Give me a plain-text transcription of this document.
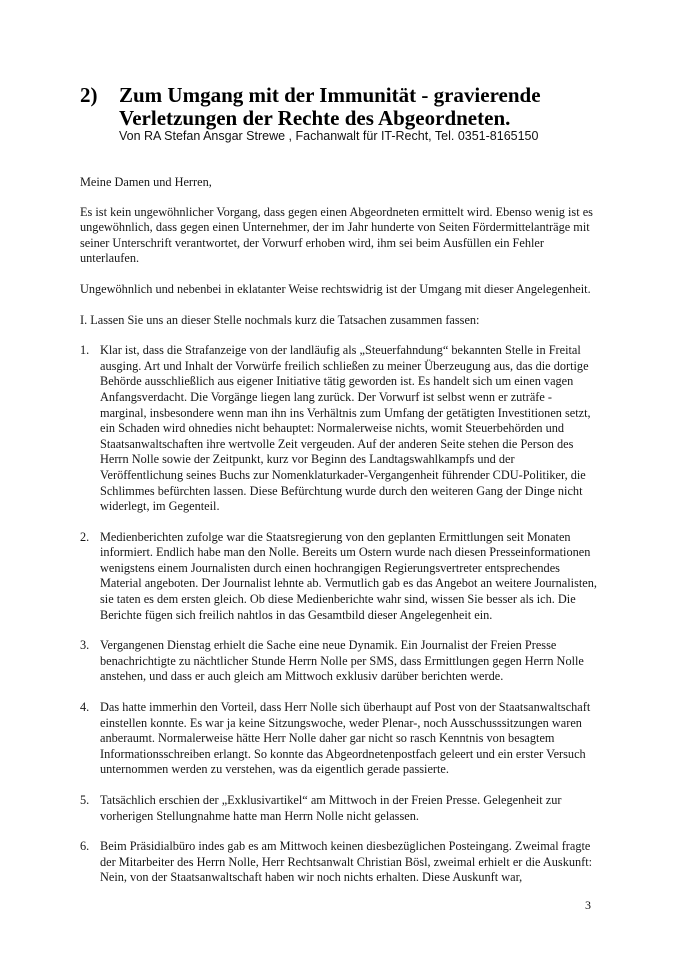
2) Zum Umgang mit der Immunität - gravierende Verletzungen der Rechte des Abgeordneten.
Von RA Stefan Ansgar Strewe , Fachanwalt für IT-Recht, Tel. 0351-8165150

Meine Damen und Herren,

Es ist kein ungewöhnlicher Vorgang, dass gegen einen Abgeordneten ermittelt wird. Ebenso wenig ist es ungewöhnlich, dass gegen einen Unternehmer, der im Jahr hunderte von Seiten Fördermittelanträge mit seiner Unterschrift verantwortet, der Vorwurf erhoben wird, ihm sei beim Ausfüllen ein Fehler unterlaufen.

Ungewöhnlich und nebenbei in eklatanter Weise rechtswidrig ist der Umgang mit dieser Angelegenheit.

I. Lassen Sie uns an dieser Stelle nochmals kurz die Tatsachen zusammen fassen:

1. Klar ist, dass die Strafanzeige von der landläufig als „Steuerfahndung“ bekannten Stelle in Freital ausging. Art und Inhalt der Vorwürfe freilich schließen zu meiner Überzeugung aus, das die dortige Behörde ausschließlich aus eigener Initiative tätig geworden ist. Es handelt sich um einen vagen Anfangsverdacht. Die Vorgänge liegen lang zurück. Der Vorwurf ist selbst wenn er zuträfe - marginal, insbesondere wenn man ihn ins Verhältnis zum Umfang der getätigten Investitionen setzt, ein Schaden wird ohnedies nicht behauptet: Normalerweise nichts, womit Steuerbehörden und Staatsanwaltschaften ihre wertvolle Zeit vergeuden. Auf der anderen Seite stehen die Person des Herrn Nolle sowie der Zeitpunkt, kurz vor Beginn des Landtagswahlkampfs und der Veröffentlichung seines Buchs zur Nomenklaturkader-Vergangenheit führender CDU-Politiker, die Schlimmes befürchten lassen. Diese Befürchtung wurde durch den weiteren Gang der Dinge nicht widerlegt, im Gegenteil.
2. Medienberichten zufolge war die Staatsregierung von den geplanten Ermittlungen seit Monaten informiert. Endlich habe man den Nolle. Bereits um Ostern wurde nach diesen Presseinformationen wenigstens einem Journalisten durch einen hochrangigen Regierungsvertreter entsprechendes Material angeboten. Der Journalist lehnte ab. Vermutlich gab es das Angebot an weitere Journalisten, sie taten es dem ersten gleich. Ob diese Medienberichte wahr sind, wissen Sie besser als ich. Die Berichte fügen sich freilich nahtlos in das Gesamtbild dieser Angelegenheit ein.
3. Vergangenen Dienstag erhielt die Sache eine neue Dynamik. Ein Journalist der Freien Presse benachrichtigte zu nächtlicher Stunde Herrn Nolle per SMS, dass Ermittlungen gegen Herrn Nolle anstehen, und dass er auch gleich am Mittwoch exklusiv darüber berichten werde.
4. Das hatte immerhin den Vorteil, dass Herr Nolle sich überhaupt auf Post von der Staatsanwaltschaft einstellen konnte. Es war ja keine Sitzungswoche, weder Plenar-, noch Ausschusssitzungen waren anberaumt. Normalerweise hätte Herr Nolle daher gar nicht so rasch Kenntnis von besagtem Informationsschreiben erlangt. So konnte das Abgeordnetenpostfach geleert und ein erster Versuch unternommen werden zu verstehen, was da eigentlich gerade passierte.
5. Tatsächlich erschien der „Exklusivartikel“ am Mittwoch in der Freien Presse. Gelegenheit zur vorherigen Stellungnahme hatte man Herrn Nolle nicht gelassen.
6. Beim Präsidialbüro indes gab es am Mittwoch keinen diesbezüglichen Posteingang. Zweimal fragte der Mitarbeiter des Herrn Nolle, Herr Rechtsanwalt Christian Bösl, zweimal erhielt er die Auskunft: Nein, von der Staatsanwaltschaft haben wir noch nichts erhalten. Diese Auskunft war,
3
